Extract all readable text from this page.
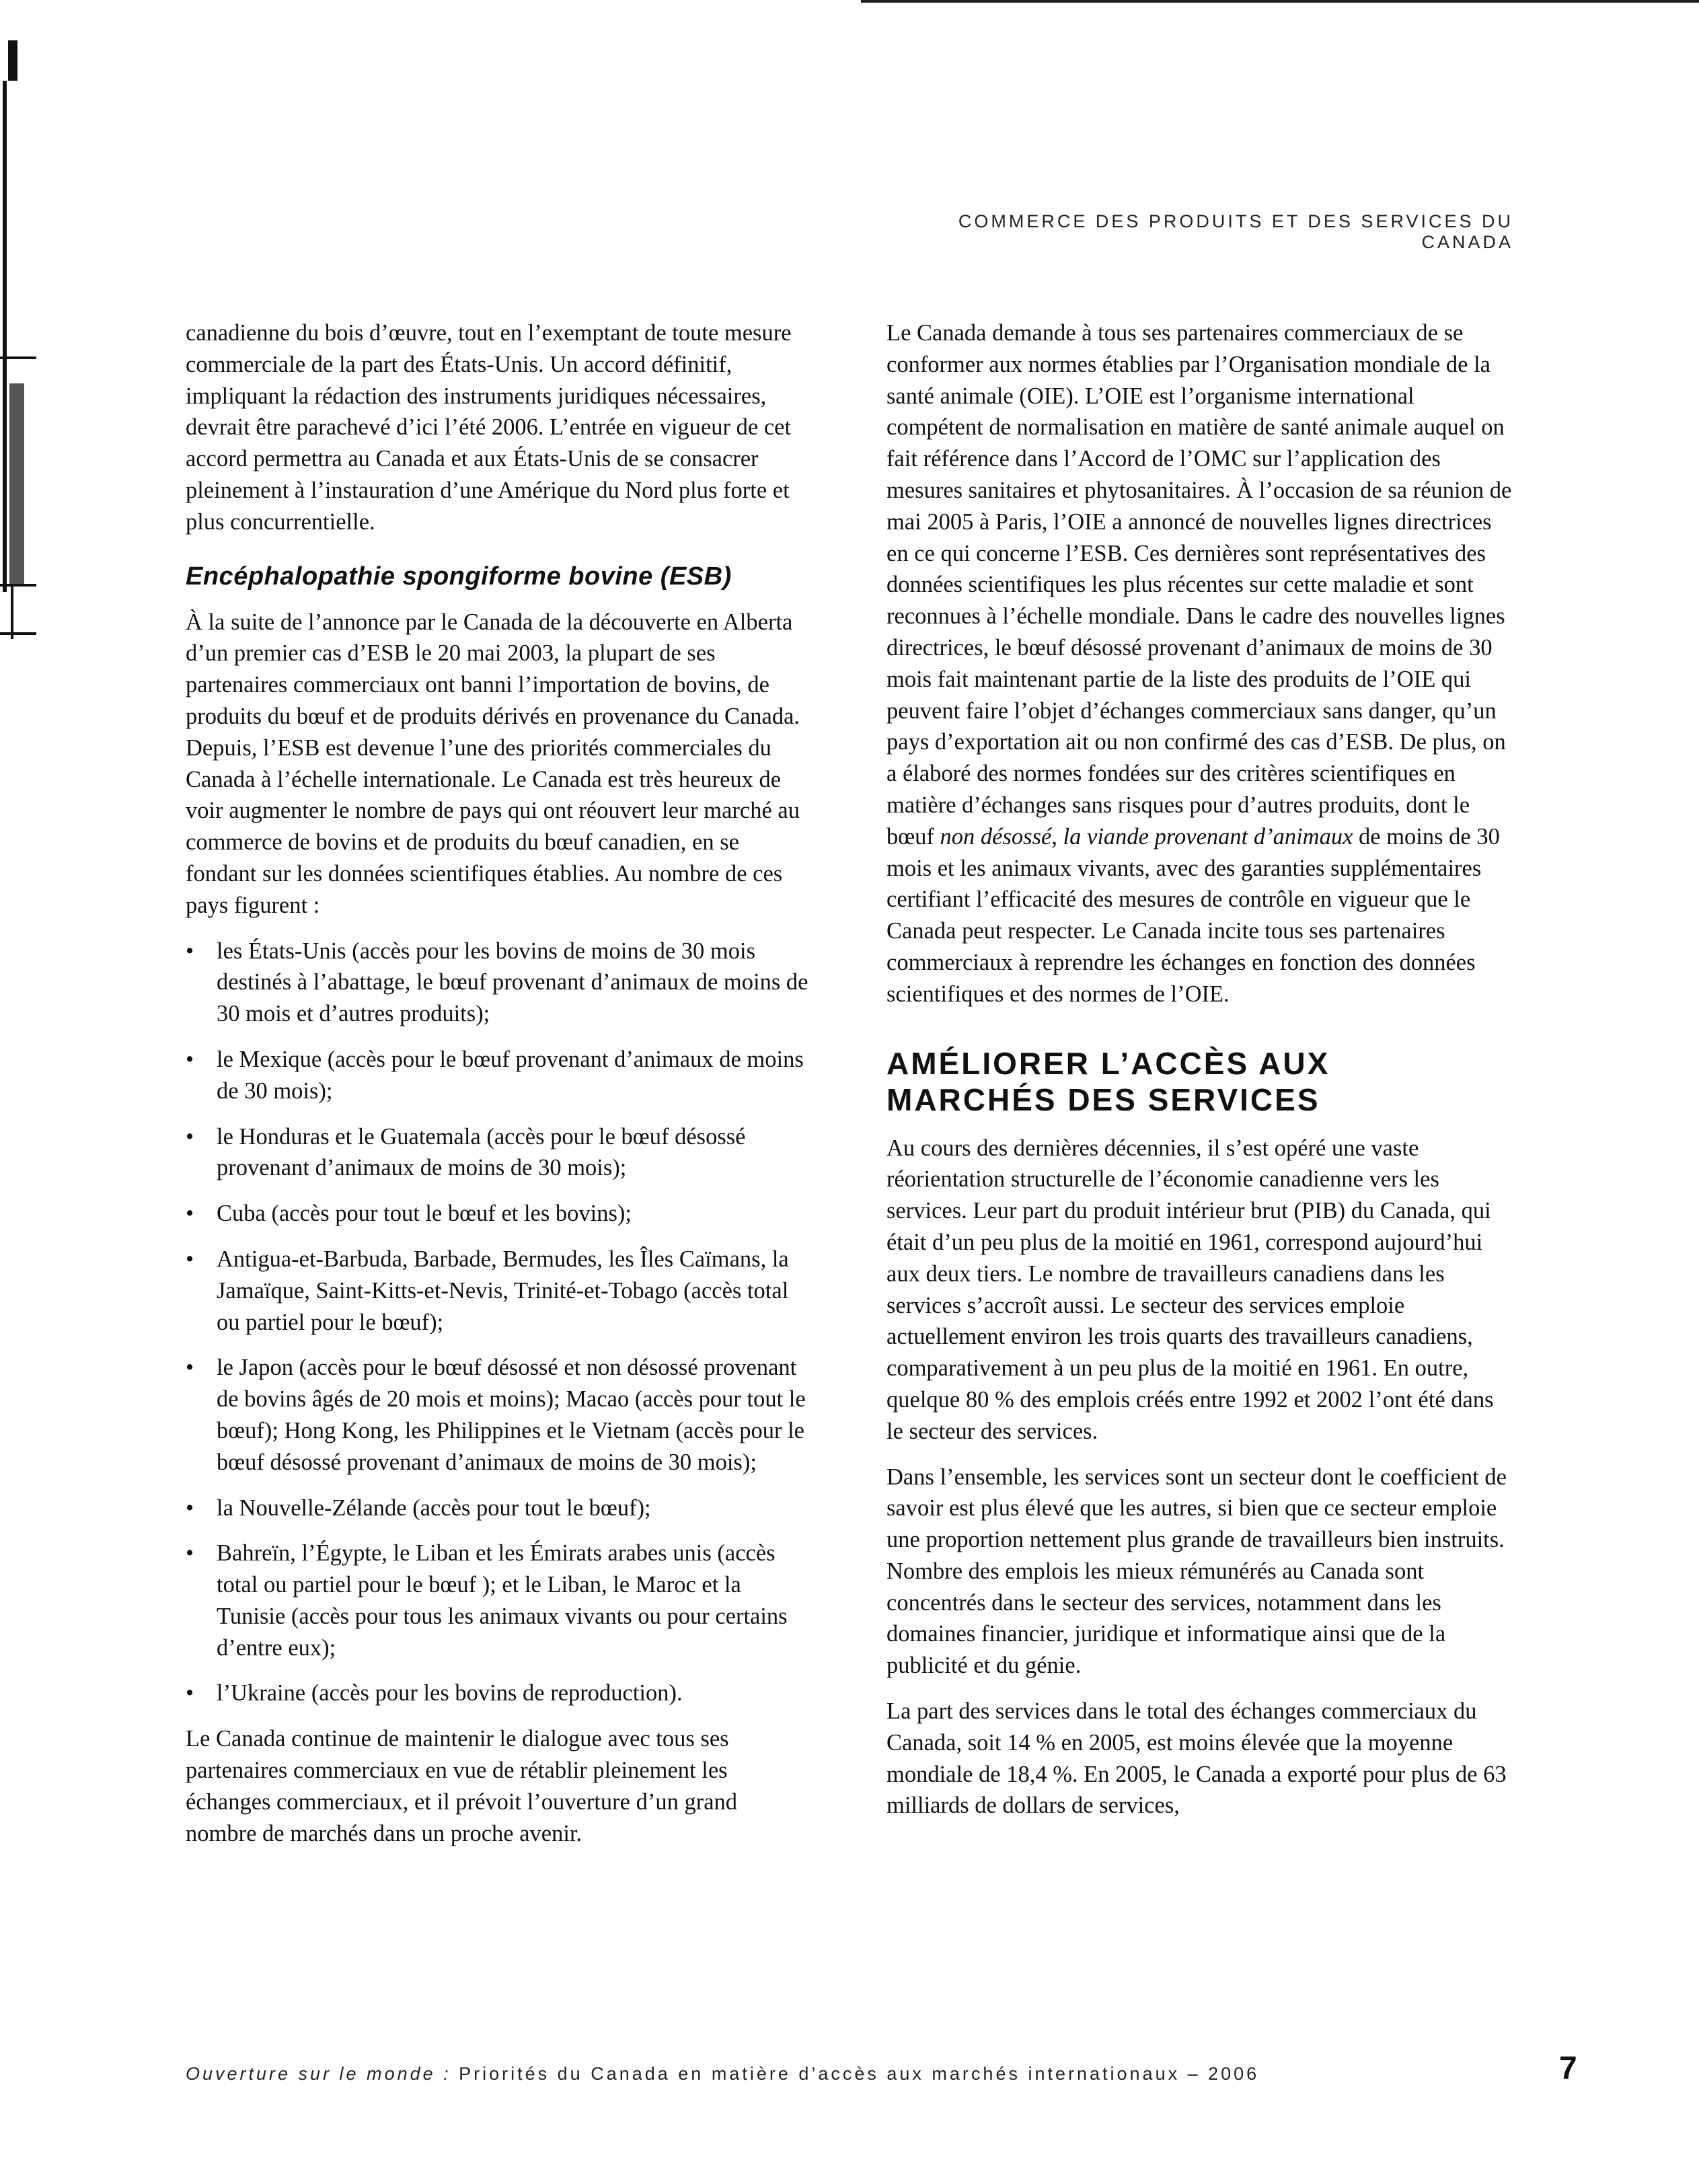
COMMERCE DES PRODUITS ET DES SERVICES DU CANADA

canadienne du bois d’œuvre, tout en l’exemptant de toute mesure commerciale de la part des États-Unis. Un accord définitif, impliquant la rédaction des instruments juridiques nécessaires, devrait être parachevé d’ici l’été 2006. L’entrée en vigueur de cet accord permettra au Canada et aux États-Unis de se consacrer pleinement à l’instauration d’une Amérique du Nord plus forte et plus concurrentielle.

Encéphalopathie spongiforme bovine (ESB)

À la suite de l’annonce par le Canada de la découverte en Alberta d’un premier cas d’ESB le 20 mai 2003, la plupart de ses partenaires commerciaux ont banni l’importation de bovins, de produits du bœuf et de produits dérivés en provenance du Canada. Depuis, l’ESB est devenue l’une des priorités commerciales du Canada à l’échelle internationale. Le Canada est très heureux de voir augmenter le nombre de pays qui ont réouvert leur marché au commerce de bovins et de produits du bœuf canadien, en se fondant sur les données scientifiques établies. Au nombre de ces pays figurent :

• les États-Unis (accès pour les bovins de moins de 30 mois destinés à l’abattage, le bœuf provenant d’animaux de moins de 30 mois et d’autres produits);
• le Mexique (accès pour le bœuf provenant d’animaux de moins de 30 mois);
• le Honduras et le Guatemala (accès pour le bœuf désossé provenant d’animaux de moins de 30 mois);
• Cuba (accès pour tout le bœuf et les bovins);
• Antigua-et-Barbuda, Barbade, Bermudes, les Îles Caïmans, la Jamaïque, Saint-Kitts-et-Nevis, Trinité-et-Tobago (accès total ou partiel pour le bœuf);
• le Japon (accès pour le bœuf désossé et non désossé provenant de bovins âgés de 20 mois et moins); Macao (accès pour tout le bœuf); Hong Kong, les Philippines et le Vietnam (accès pour le bœuf désossé provenant d’animaux de moins de 30 mois);
• la Nouvelle-Zélande (accès pour tout le bœuf);
• Bahreïn, l’Égypte, le Liban et les Émirats arabes unis (accès total ou partiel pour le bœuf ); et le Liban, le Maroc et la Tunisie (accès pour tous les animaux vivants ou pour certains d’entre eux);
• l’Ukraine (accès pour les bovins de reproduction).

Le Canada continue de maintenir le dialogue avec tous ses partenaires commerciaux en vue de rétablir pleinement les échanges commerciaux, et il prévoit l’ouverture d’un grand nombre de marchés dans un proche avenir.

Le Canada demande à tous ses partenaires commerciaux de se conformer aux normes établies par l’Organisation mondiale de la santé animale (OIE). L’OIE est l’organisme international compétent de normalisation en matière de santé animale auquel on fait référence dans l’Accord de l’OMC sur l’application des mesures sanitaires et phytosanitaires. À l’occasion de sa réunion de mai 2005 à Paris, l’OIE a annoncé de nouvelles lignes directrices en ce qui concerne l’ESB. Ces dernières sont représentatives des données scientifiques les plus récentes sur cette maladie et sont reconnues à l’échelle mondiale. Dans le cadre des nouvelles lignes directrices, le bœuf désossé provenant d’animaux de moins de 30 mois fait maintenant partie de la liste des produits de l’OIE qui peuvent faire l’objet d’échanges commerciaux sans danger, qu’un pays d’exportation ait ou non confirmé des cas d’ESB. De plus, on a élaboré des normes fondées sur des critères scientifiques en matière d’échanges sans risques pour d’autres produits, dont le bœuf non désossé, la viande provenant d’animaux de moins de 30 mois et les animaux vivants, avec des garanties supplémentaires certifiant l’efficacité des mesures de contrôle en vigueur que le Canada peut respecter. Le Canada incite tous ses partenaires commerciaux à reprendre les échanges en fonction des données scientifiques et des normes de l’OIE.

AMÉLIORER L’ACCÈS AUX
MARCHÉS DES SERVICES

Au cours des dernières décennies, il s’est opéré une vaste réorientation structurelle de l’économie canadienne vers les services. Leur part du produit intérieur brut (PIB) du Canada, qui était d’un peu plus de la moitié en 1961, correspond aujourd’hui aux deux tiers. Le nombre de travailleurs canadiens dans les services s’accroît aussi. Le secteur des services emploie actuellement environ les trois quarts des travailleurs canadiens, comparativement à un peu plus de la moitié en 1961. En outre, quelque 80 % des emplois créés entre 1992 et 2002 l’ont été dans le secteur des services.

Dans l’ensemble, les services sont un secteur dont le coefficient de savoir est plus élevé que les autres, si bien que ce secteur emploie une proportion nettement plus grande de travailleurs bien instruits. Nombre des emplois les mieux rémunérés au Canada sont concentrés dans le secteur des services, notamment dans les domaines financier, juridique et informatique ainsi que de la publicité et du génie.

La part des services dans le total des échanges commerciaux du Canada, soit 14 % en 2005, est moins élevée que la moyenne mondiale de 18,4 %. En 2005, le Canada a exporté pour plus de 63 milliards de dollars de services,

Ouverture sur le monde : Priorités du Canada en matière d’accès aux marchés internationaux – 2006	7
